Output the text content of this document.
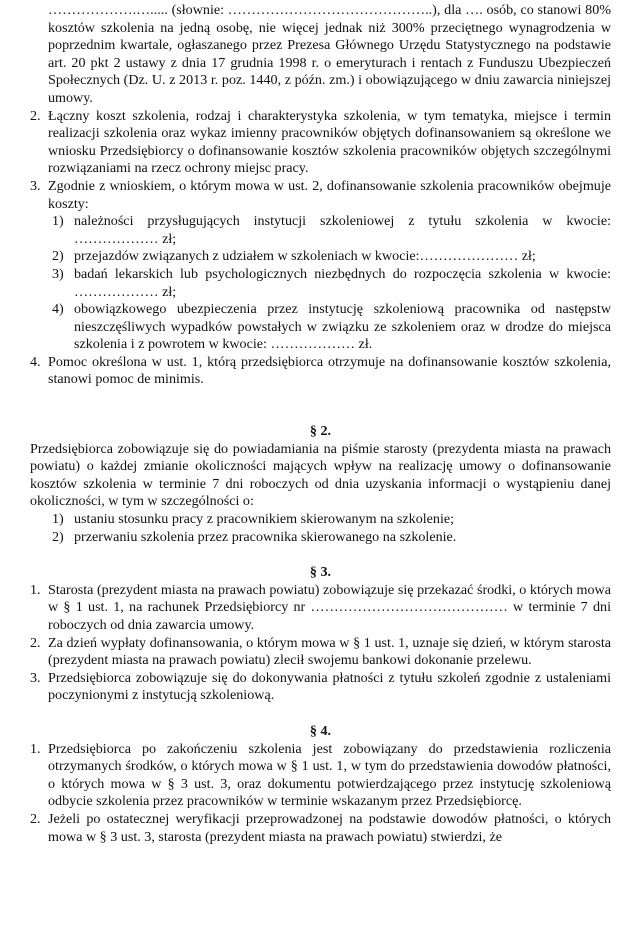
……………….…..... (słownie: ……………………………………..), dla …. osób, co stanowi 80% kosztów szkolenia na jedną osobę, nie więcej jednak niż 300% przeciętnego wynagrodzenia w poprzednim kwartale, ogłaszanego przez Prezesa Głównego Urzędu Statystycznego na podstawie art. 20 pkt 2 ustawy z dnia 17 grudnia 1998 r. o emeryturach i rentach z Funduszu Ubezpieczeń Społecznych (Dz. U. z 2013 r. poz. 1440, z późn. zm.) i obowiązującego w dniu zawarcia niniejszej umowy.

2. Łączny koszt szkolenia, rodzaj i charakterystyka szkolenia, w tym tematyka, miejsce i termin realizacji szkolenia oraz wykaz imienny pracowników objętych dofinansowaniem są określone we wniosku Przedsiębiorcy o dofinansowanie kosztów szkolenia pracowników objętych szczególnymi rozwiązaniami na rzecz ochrony miejsc pracy.

3. Zgodnie z wnioskiem, o którym mowa w ust. 2, dofinansowanie szkolenia pracowników obejmuje koszty:

1) należności przysługujących instytucji szkoleniowej z tytułu szkolenia w kwocie: ……………… zł;

2) przejazdów związanych z udziałem w szkoleniach w kwocie:………………… zł;

3) badań lekarskich lub psychologicznych niezbędnych do rozpoczęcia szkolenia w kwocie: ……………… zł;

4) obowiązkowego ubezpieczenia przez instytucję szkoleniową pracownika od następstw nieszczęśliwych wypadków powstałych w związku ze szkoleniem oraz w drodze do miejsca szkolenia i z powrotem w kwocie: ……………… zł.

4. Pomoc określona w ust. 1, którą przedsiębiorca otrzymuje na dofinansowanie kosztów szkolenia, stanowi pomoc de minimis.

§ 2.

Przedsiębiorca zobowiązuje się do powiadamiania na piśmie starosty (prezydenta miasta na prawach powiatu) o każdej zmianie okoliczności mających wpływ na realizację umowy o dofinansowanie kosztów szkolenia w terminie 7 dni roboczych od dnia uzyskania informacji o wystąpieniu danej okoliczności, w tym w szczególności o:

1) ustaniu stosunku pracy z pracownikiem skierowanym na szkolenie;

2) przerwaniu szkolenia przez pracownika skierowanego na szkolenie.

§ 3.

1. Starosta (prezydent miasta na prawach powiatu) zobowiązuje się przekazać środki, o których mowa w § 1 ust. 1, na rachunek Przedsiębiorcy nr …………………………………… w terminie 7 dni roboczych od dnia zawarcia umowy.

2. Za dzień wypłaty dofinansowania, o którym mowa w § 1 ust. 1, uznaje się dzień, w którym starosta (prezydent miasta na prawach powiatu) zlecił swojemu bankowi dokonanie przelewu.

3. Przedsiębiorca zobowiązuje się do dokonywania płatności z tytułu szkoleń zgodnie z ustaleniami poczynionymi z instytucją szkoleniową.

§ 4.

1. Przedsiębiorca po zakończeniu szkolenia jest zobowiązany do przedstawienia rozliczenia otrzymanych środków, o których mowa w § 1 ust. 1, w tym do przedstawienia dowodów płatności, o których mowa w § 3 ust. 3, oraz dokumentu potwierdzającego przez instytucję szkoleniową odbycie szkolenia przez pracowników w terminie wskazanym przez Przedsiębiorcę.

2. Jeżeli po ostatecznej weryfikacji przeprowadzonej na podstawie dowodów płatności, o których mowa w § 3 ust. 3, starosta (prezydent miasta na prawach powiatu) stwierdzi, że
